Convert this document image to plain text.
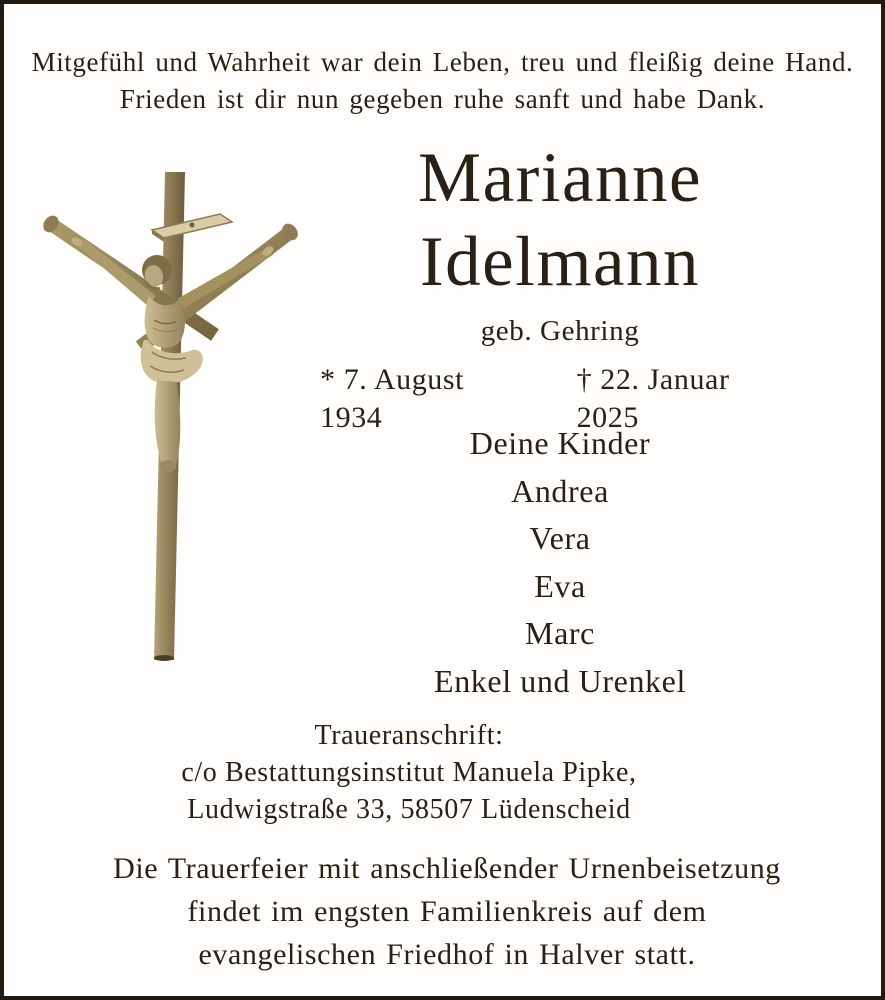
Mitgefühl und Wahrheit war dein Leben, treu und fleißig deine Hand.
Frieden ist dir nun gegeben ruhe sanft und habe Dank.
Marianne
Idelmann
geb. Gehring
* 7. August 1934
† 22. Januar 2025
Deine Kinder
Andrea
Vera
Eva
Marc
Enkel und Urenkel
Traueranschrift:
c/o Bestattungsinstitut Manuela Pipke,
Ludwigstraße 33, 58507 Lüdenscheid
Die Trauerfeier mit anschließender Urnenbeisetzung
findet im engsten Familienkreis auf dem
evangelischen Friedhof in Halver statt.
